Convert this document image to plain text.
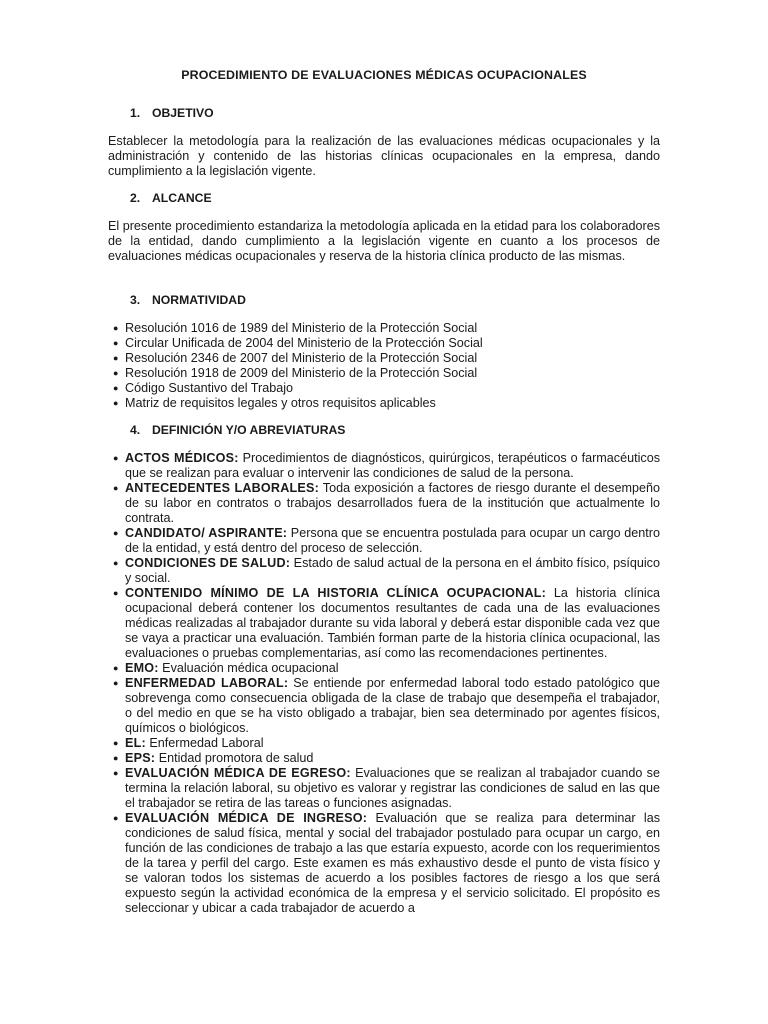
PROCEDIMIENTO DE EVALUACIONES MÉDICAS OCUPACIONALES
1. OBJETIVO

Establecer la metodología para la realización de las evaluaciones médicas ocupacionales y la administración y contenido de las historias clínicas ocupacionales en la empresa, dando cumplimiento a la legislación vigente.

2. ALCANCE

El presente procedimiento estandariza la metodología aplicada en la etidad para los colaboradores de la entidad, dando cumplimiento a la legislación vigente en cuanto a los procesos de evaluaciones médicas ocupacionales y reserva de la historia clínica producto de las mismas.

3. NORMATIVIDAD
● Resolución 1016 de 1989 del Ministerio de la Protección Social
● Circular Unificada de 2004 del Ministerio de la Protección Social
● Resolución 2346 de 2007 del Ministerio de la Protección Social
● Resolución 1918 de 2009 del Ministerio de la Protección Social
● Código Sustantivo del Trabajo
● Matriz de requisitos legales y otros requisitos aplicables
4. DEFINICIÓN Y/O ABREVIATURAS
● ACTOS MÉDICOS: Procedimientos de diagnósticos, quirúrgicos, terapéuticos o farmacéuticos que se realizan para evaluar o intervenir las condiciones de salud de la persona.
● ANTECEDENTES LABORALES: Toda exposición a factores de riesgo durante el desempeño de su labor en contratos o trabajos desarrollados fuera de la institución que actualmente lo contrata.
● CANDIDATO/ ASPIRANTE: Persona que se encuentra postulada para ocupar un cargo dentro de la entidad, y está dentro del proceso de selección.
● CONDICIONES DE SALUD: Estado de salud actual de la persona en el ámbito físico, psíquico y social.
● CONTENIDO MÍNIMO DE LA HISTORIA CLÍNICA OCUPACIONAL: La historia clínica ocupacional deberá contener los documentos resultantes de cada una de las evaluaciones médicas realizadas al trabajador durante su vida laboral y deberá estar disponible cada vez que se vaya a practicar una evaluación. También forman parte de la historia clínica ocupacional, las evaluaciones o pruebas complementarias, así como las recomendaciones pertinentes.
● EMO: Evaluación médica ocupacional
● ENFERMEDAD LABORAL: Se entiende por enfermedad laboral todo estado patológico que sobrevenga como consecuencia obligada de la clase de trabajo que desempeña el trabajador, o del medio en que se ha visto obligado a trabajar, bien sea determinado por agentes físicos, químicos o biológicos.
● EL: Enfermedad Laboral
● EPS: Entidad promotora de salud
● EVALUACIÓN MÉDICA DE EGRESO: Evaluaciones que se realizan al trabajador cuando se termina la relación laboral, su objetivo es valorar y registrar las condiciones de salud en las que el trabajador se retira de las tareas o funciones asignadas.
● EVALUACIÓN MÉDICA DE INGRESO: Evaluación que se realiza para determinar las condiciones de salud física, mental y social del trabajador postulado para ocupar un cargo, en función de las condiciones de trabajo a las que estaría expuesto, acorde con los requerimientos de la tarea y perfil del cargo. Este examen es más exhaustivo desde el punto de vista físico y se valoran todos los sistemas de acuerdo a los posibles factores de riesgo a los que será expuesto según la actividad económica de la empresa y el servicio solicitado. El propósito es seleccionar y ubicar a cada trabajador de acuerdo a
